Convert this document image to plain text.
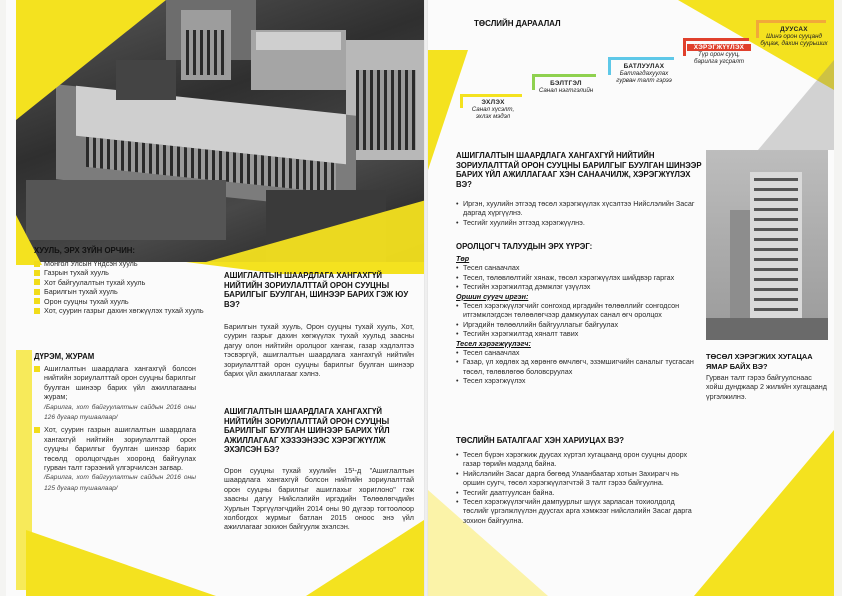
ХУУЛЬ, ЭРХ ЗҮЙН ОРЧИН:
Монгол Улсын Үндсэн хууль
Газрын тухай хууль
Хот байгуулалтын тухай хууль
Барилгын тухай хууль
Орон сууцны тухай хууль
Хот, суурин газрыг дахин хөгжүүлэх тухай хууль
ДҮРЭМ, ЖУРАМ
Ашиглалтын шаардлага хангахгүй болсон нийтийн зориулалттай орон сууцны барилгыг буулган шинээр барих үйл ажиллагааны журам;
/Барилга, хот байгуулалтын сайдын 2016 оны 126 дугаар тушаалаар/
Хот, суурин газрын ашиглалтын шаардлага хангахгүй нийтийн зориулалттай орон сууцны барилгыг буулган шинээр барих төсөлд оролцогчдын хооронд байгуулах гурван талт гэрээний үлгэрчилсэн загвар.
/Барилга, хот байгуулалтын сайдын 2016 оны 125 дугаар тушаалаар/
АШИГЛАЛТЫН ШААРДЛАГА ХАНГАХГҮЙ НИЙТИЙН ЗОРИУЛАЛТТАЙ ОРОН СУУЦНЫ БАРИЛГЫГ БУУЛГАН, ШИНЭЭР БАРИХ ГЭЖ ЮУ ВЭ?
Барилгын тухай хууль, Орон сууцны тухай хууль, Хот, суурин газрыг дахин хөгжүүлэх тухай хуульд заасны дагуу олон нийтийн оролцоог хангаж, газар хэдлэлтээ тэсвэргүй, ашиглалтын шаардлага хангахгүй нийтийн зориулалттай орон сууцны барилгыг буулган шинээр барих үйл ажиллагааг хэлнэ.
АШИГЛАЛТЫН ШААРДЛАГА ХАНГАХГҮЙ НИЙТИЙН ЗОРИУЛАЛТТАЙ ОРОН СУУЦНЫ БАРИЛГЫГ БУУЛГАН ШИНЭЭР БАРИХ ҮЙЛ АЖИЛЛАГААГ ХЭЗЭЭНЭЭС ХЭРЭГЖҮҮЛЖ ЭХЭЛСЭН БЭ?
Орон сууцны тухай хуулийн 15¹-д "Ашиглалтын шаардлага хангахгүй болсон нийтийн зориулалттай орон сууцны барилгыг ашиглахыг хориглоно" гэж заасны дагуу Нийслэлийн иргэдийн Төлөөлөгчдийн Хурлын Тэргүүлэгчдийн 2014 оны 90 дүгээр тогтоолоор холбогдох журмыг батлан 2015 оноос энэ үйл ажиллагааг зохион байгуулж эхэлсэн.
ТӨСЛИЙН ДАРААЛАЛ
ЭХЛЭХ
Санал хүсэлт, эхлэх мэдэл
БЭЛТГЭЛ
Санал нэгтгэлийн
БАТЛУУЛАХ
Батлагдахуулах гурван талт гэрээ
ХЭРЭГЖҮҮЛЭХ
Түр орон сууц, барилга угсралт
ДУУСАХ
Шинэ орон сууцанд буцаж, дахин суурьших
АШИГЛАЛТЫН ШААРДЛАГА ХАНГАХГҮЙ НИЙТИЙН ЗОРИУЛАЛТТАЙ ОРОН СУУЦНЫ БАРИЛГЫГ БУУЛГАН ШИНЭЭР БАРИХ ҮЙЛ АЖИЛЛАГААГ ХЭН САНААЧИЛЖ, ХЭРЭГЖҮҮЛЭХ ВЭ?
• Иргэн, хуулийн этгээд төсөл хэрэгжүүлэх хүсэлтээ Нийслэлийн Засаг даргад хүргүүлнэ.
• Тесгийг хуулийн этгээд хэрэгжүүлнэ.
ОРОЛЦОГЧ ТАЛУУДЫН ЭРХ ҮҮРЭГ:
Төр
• Тесел санаачлах
• Тесел, төлөвлөлтийг хянаж, төсөл хэрэгжүүлэх шийдвэр гаргах
• Тесгийн хэрэгжилтэд дэмжлэг үзүүлэх
Оршин суугч иргэн:
• Тесел хэрэгжүүлэгчийг сонгоход иргэдийн төлөөллийг сонгодсон итгэмжлэгдсэн төлөөлөгчээр дамжуулах санал өгч оролцох
• Иргэдийн төлөөллийн байгууллагыг байгуулах
• Тесгийн хэрэгжилтэд хяналт тавих
Тесел хэрэгжүүлэгч:
• Тесел санаачлах
• Газар, үл хөдлөх эд хөрөнгө өмчлөгч, эзэмшигчийн саналыг тусгасан төсөл, төлөвлөгөө боловсруулах
• Тесел хэрэгжүүлэх
ТӨСЛИЙН БАТАЛГААГ ХЭН ХАРИУЦАХ ВЭ?
• Тесел бүрэн хэрэгжиж дуусах хүртэл хугацаанд орон сууцны доорх газар төрийн мэдэлд байна.
• Нийслэлийн Засаг дарга бөгөөд Улаанбаатар хотын Захирагч нь оршин суугч, төсөл хэрэгжүүлэгчтэй 3 талт гэрээ байгуулна.
• Тесгийг даатгуулсан байна.
• Тесел хэрэгжүүлэгчийн дампуурлыг шүүх зарласан тохиолдолд төслийг үргэлжлүүлэн дуусгах арга хэмжээг нийслэлийн Засаг дарга зохион байгуулна.
ТӨСӨЛ ХЭРЭГЖИХ ХУГАЦАА ЯМАР БАЙХ ВЭ?
Гурван талт гэрээ байгуулснаас хойш дунджаар 2 жилийн хугацаанд үргэлжилнэ.
